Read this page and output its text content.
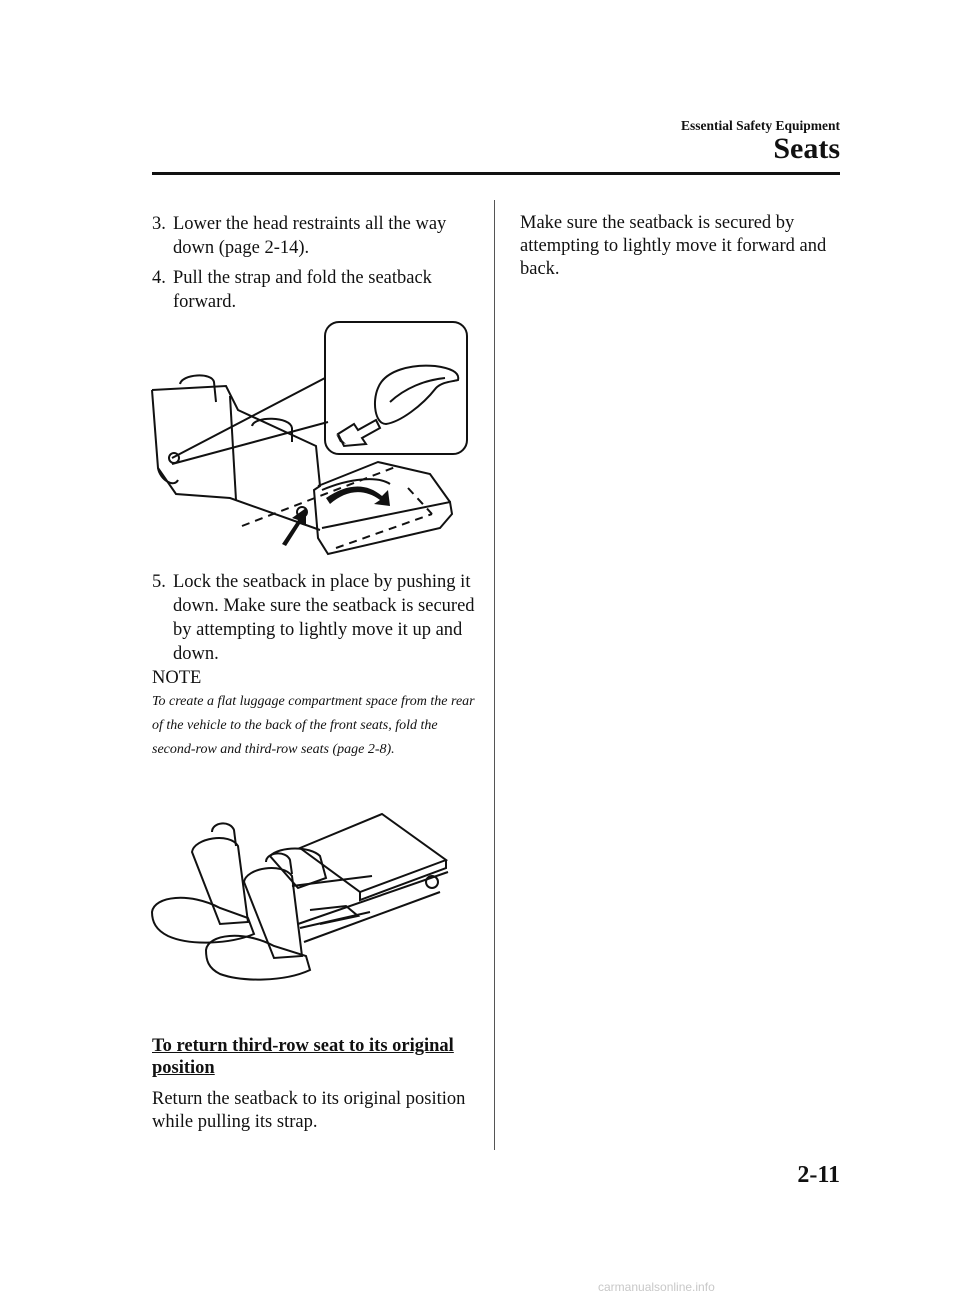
Essential Safety Equipment
Seats
3. Lower the head restraints all the way down (page 2-14).
4. Pull the strap and fold the seatback forward.
5. Lock the seatback in place by pushing it down. Make sure the seatback is secured by attempting to lightly move it up and down.
NOTE
To create a flat luggage compartment space from the rear of the vehicle to the back of the front seats, fold the second-row and third-row seats (page 2-8).
To return third-row seat to its original position
Return the seatback to its original position while pulling its strap.
Make sure the seatback is secured by attempting to lightly move it forward and back.
2-11
carmanualsonline.info
